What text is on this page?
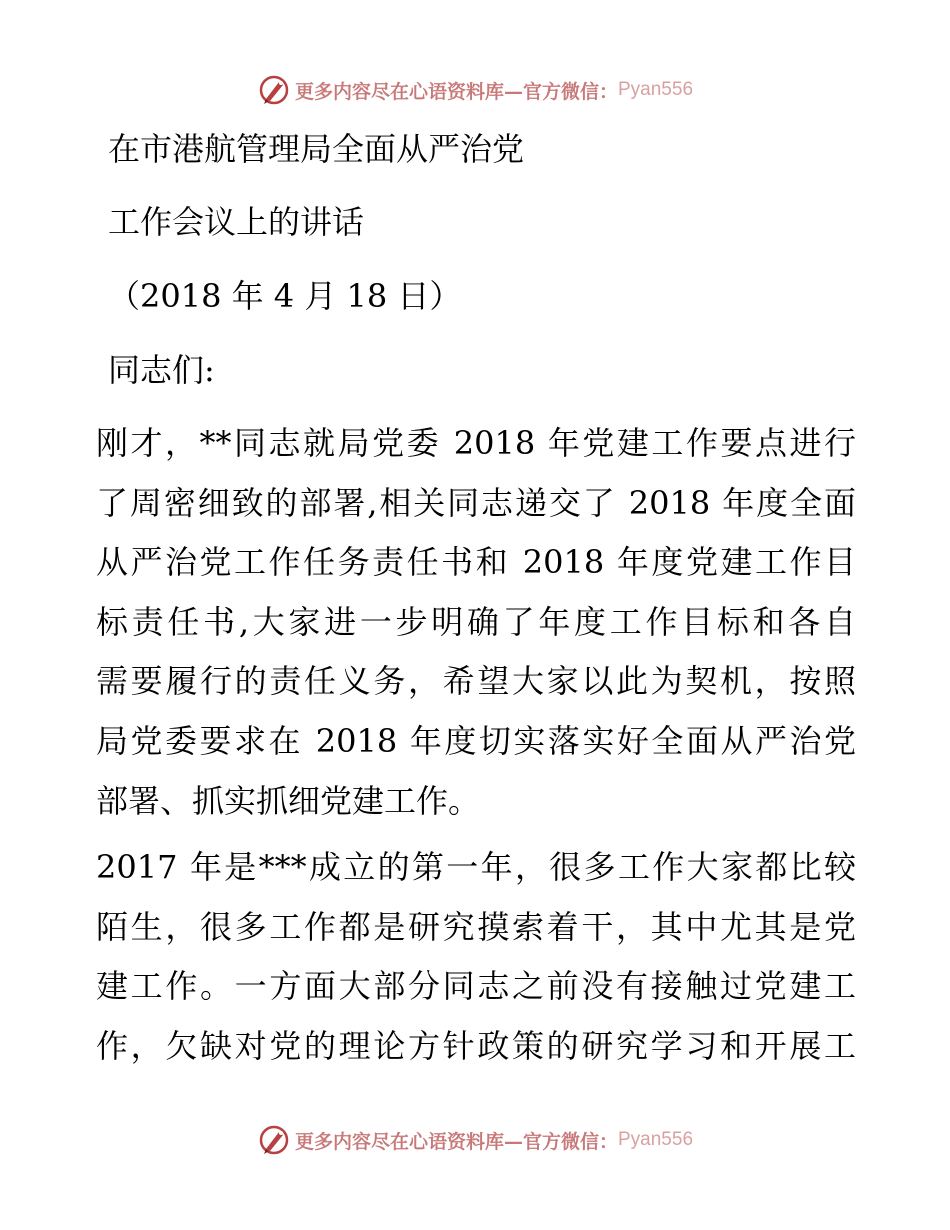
更多内容尽在心语资料库—官方微信： Pyan556
在市港航管理局全面从严治党
工作会议上的讲话
（2018 年 4 月 18 日）
同志们:
刚才，**同志就局党委 2018 年党建工作要点进行
了周密细致的部署,相关同志递交了 2018 年度全面
从严治党工作任务责任书和 2018 年度党建工作目
标责任书,大家进一步明确了年度工作目标和各自
需要履行的责任义务，希望大家以此为契机，按照
局党委要求在 2018 年度切实落实好全面从严治党
部署、抓实抓细党建工作。
2017 年是***成立的第一年，很多工作大家都比较
陌生，很多工作都是研究摸索着干，其中尤其是党
建工作。一方面大部分同志之前没有接触过党建工
作，欠缺对党的理论方针政策的研究学习和开展工
更多内容尽在心语资料库—官方微信： Pyan556
